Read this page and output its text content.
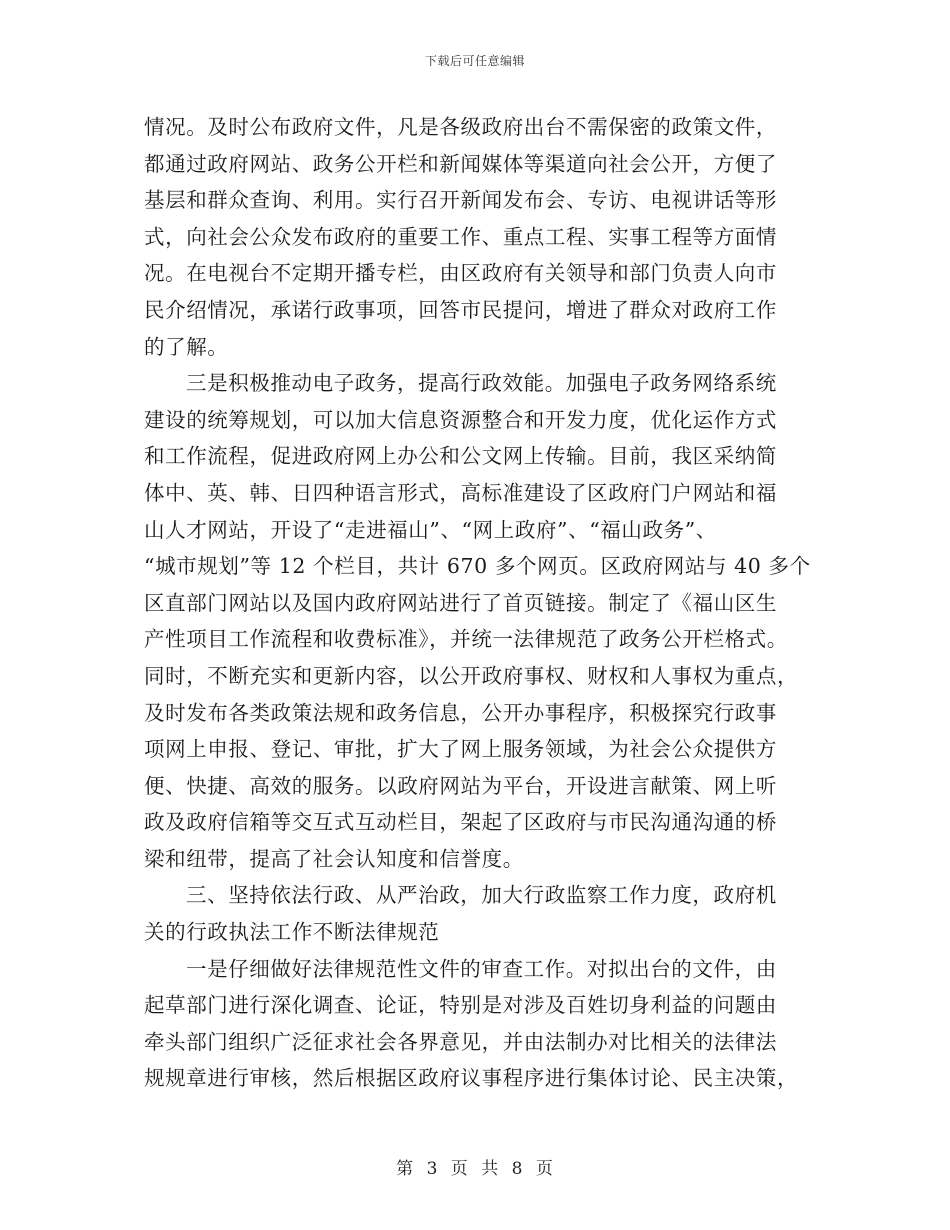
下载后可任意编辑
情况。及时公布政府文件，凡是各级政府出台不需保密的政策文件，
都通过政府网站、政务公开栏和新闻媒体等渠道向社会公开，方便了
基层和群众查询、利用。实行召开新闻发布会、专访、电视讲话等形
式，向社会公众发布政府的重要工作、重点工程、实事工程等方面情
况。在电视台不定期开播专栏，由区政府有关领导和部门负责人向市
民介绍情况，承诺行政事项，回答市民提问，增进了群众对政府工作
的了解。
三是积极推动电子政务，提高行政效能。加强电子政务网络系统
建设的统筹规划，可以加大信息资源整合和开发力度，优化运作方式
和工作流程，促进政府网上办公和公文网上传输。目前，我区采纳简
体中、英、韩、日四种语言形式，高标准建设了区政府门户网站和福
山人才网站，开设了“走进福山”、“网上政府”、“福山政务”、
“城市规划”等 12 个栏目，共计 670 多个网页。区政府网站与 40 多个
区直部门网站以及国内政府网站进行了首页链接。制定了《福山区生
产性项目工作流程和收费标准》，并统一法律规范了政务公开栏格式。
同时，不断充实和更新内容，以公开政府事权、财权和人事权为重点，
及时发布各类政策法规和政务信息，公开办事程序，积极探究行政事
项网上申报、登记、审批，扩大了网上服务领域，为社会公众提供方
便、快捷、高效的服务。以政府网站为平台，开设进言献策、网上听
政及政府信箱等交互式互动栏目，架起了区政府与市民沟通沟通的桥
梁和纽带，提高了社会认知度和信誉度。
三、坚持依法行政、从严治政，加大行政监察工作力度，政府机
关的行政执法工作不断法律规范
一是仔细做好法律规范性文件的审查工作。对拟出台的文件，由
起草部门进行深化调查、论证，特别是对涉及百姓切身利益的问题由
牵头部门组织广泛征求社会各界意见，并由法制办对比相关的法律法
规规章进行审核，然后根据区政府议事程序进行集体讨论、民主决策，
第 3 页 共 8 页
